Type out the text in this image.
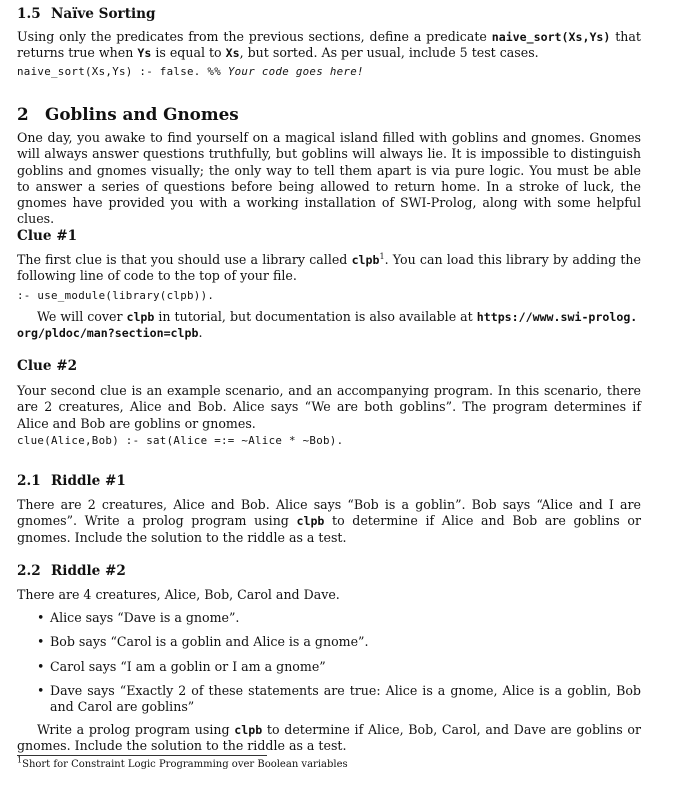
1.5 Naïve Sorting

Using only the predicates from the previous sections, define a predicate naive_sort(Xs,Ys) that returns true when Ys is equal to Xs, but sorted. As per usual, include 5 test cases.

naive_sort(Xs,Ys) :- false. %% Your code goes here!
2 Goblins and Gnomes

One day, you awake to find yourself on a magical island filled with goblins and gnomes. Gnomes will always answer questions truthfully, but goblins will always lie. It is impossible to distinguish goblins and gnomes visually; the only way to tell them apart is via pure logic. You must be able to answer a series of questions before being allowed to return home. In a stroke of luck, the gnomes have provided you with a working installation of SWI-Prolog, along with some helpful clues.

Clue #1

The first clue is that you should use a library called clpb$^1$. You can load this library by adding the following line of code to the top of your file.

:- use_module(library(clpb)).

We will cover clpb in tutorial, but documentation is also available at https://www.swi-prolog.org/pldoc/man?section=clpb.

Clue #2

Your second clue is an example scenario, and an accompanying program. In this scenario, there are 2 creatures, Alice and Bob. Alice says “We are both goblins”. The program determines if Alice and Bob are goblins or gnomes.

clue(Alice,Bob) :- sat(Alice =:= ~Alice * ~Bob).
2.1 Riddle #1

There are 2 creatures, Alice and Bob. Alice says “Bob is a goblin”. Bob says “Alice and I are gnomes”. Write a prolog program using clpb to determine if Alice and Bob are goblins or gnomes. Include the solution to the riddle as a test.

2.2 Riddle #2

There are 4 creatures, Alice, Bob, Carol and Dave.

• Alice says “Dave is a gnome”.
• Bob says “Carol is a goblin and Alice is a gnome”.
• Carol says “I am a goblin or I am a gnome”
• Dave says “Exactly 2 of these statements are true: Alice is a gnome, Alice is a goblin, Bob and Carol are goblins”

Write a prolog program using clpb to determine if Alice, Bob, Carol, and Dave are goblins or gnomes. Include the solution to the riddle as a test.

$^1$Short for Constraint Logic Programming over Boolean variables
